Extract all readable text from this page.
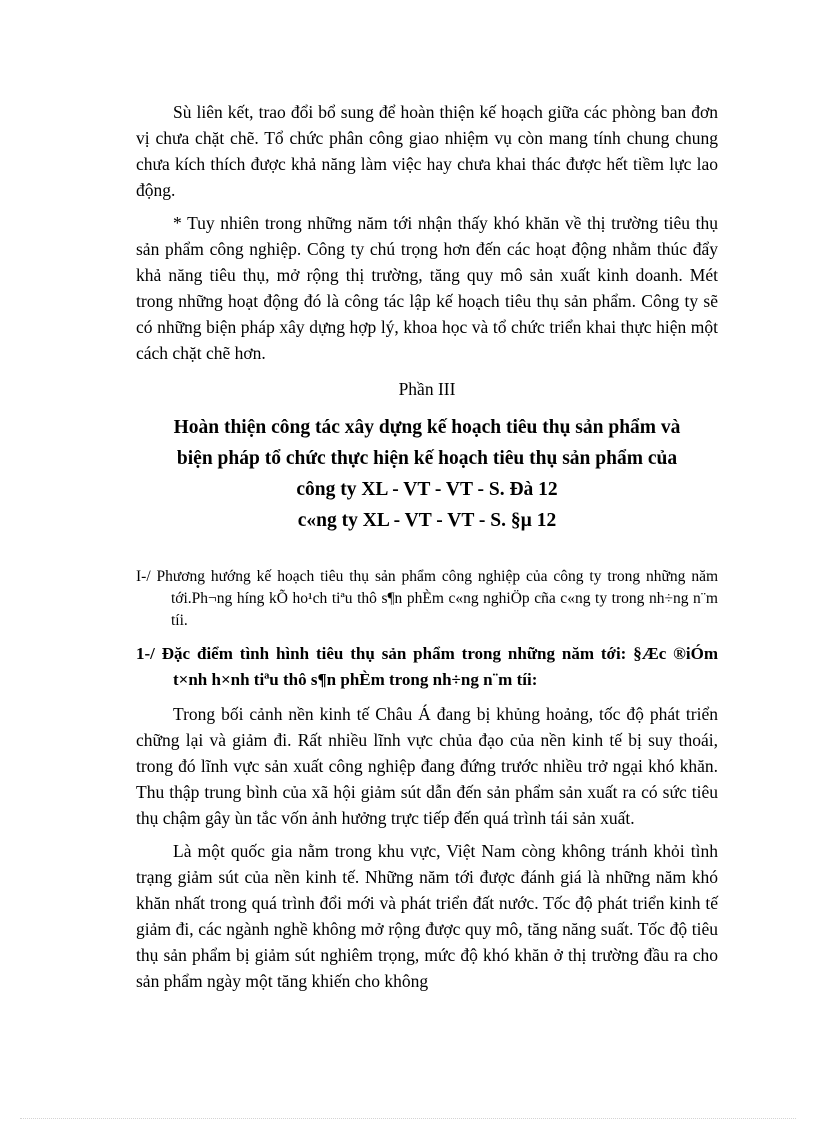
Sù liên kết, trao đổi bổ sung để hoàn thiện kế hoạch giữa các phòng ban đơn vị chưa chặt chẽ. Tổ chức phân công giao nhiệm vụ còn mang tính chung chung chưa kích thích được khả năng làm việc hay chưa khai thác được hết tiềm lực lao động.

* Tuy nhiên trong những năm tới nhận thấy khó khăn về thị trường tiêu thụ sản phẩm công nghiệp. Công ty chú trọng hơn đến các hoạt động nhằm thúc đẩy khả năng tiêu thụ, mở rộng thị trường, tăng quy mô sản xuất kinh doanh. Mét trong những hoạt động đó là công tác lập kế hoạch tiêu thụ sản phẩm. Công ty sẽ có những biện pháp xây dựng hợp lý, khoa học và tổ chức triển khai thực hiện một cách chặt chẽ hơn.

Phần III

Hoàn thiện công tác xây dựng kế hoạch tiêu thụ sản phẩm và
biện pháp tổ chức thực hiện kế hoạch tiêu thụ sản phẩm của
công ty XL - VT - VT - S. Đà 12
c«ng ty XL - VT - VT - S. §µ 12

I-/ Phương hướng kế hoạch tiêu thụ sản phẩm công nghiệp của công ty trong những năm tới.Ph¬ng híng kÕ ho¹ch tiªu thô s¶n phÈm c«ng nghiÖp cña c«ng ty trong nh÷ng n¨m tíi.

1-/ Đặc điểm tình hình tiêu thụ sản phẩm trong những năm tới: §Æc ®iÓm t×nh h×nh tiªu thô s¶n phÈm trong nh÷ng n¨m tíi:

Trong bối cảnh nền kinh tế Châu Á đang bị khủng hoảng, tốc độ phát triển chững lại và giảm đi. Rất nhiều lĩnh vực chủa đạo của nền kinh tế bị suy thoái, trong đó lĩnh vực sản xuất công nghiệp đang đứng trước nhiều trở ngại khó khăn. Thu thập trung bình của xã hội giảm sút dẫn đến sản phẩm sản xuất ra có sức tiêu thụ chậm gây ùn tắc vốn ảnh hưởng trực tiếp đến quá trình tái sản xuất.

Là một quốc gia nằm trong khu vực, Việt Nam còng không tránh khỏi tình trạng giảm sút của nền kinh tế. Những năm tới được đánh giá là những năm khó khăn nhất trong quá trình đổi mới và phát triển đất nước. Tốc độ phát triển kinh tế giảm đi, các ngành nghề không mở rộng được quy mô, tăng năng suất. Tốc độ tiêu thụ sản phẩm bị giảm sút nghiêm trọng, mức độ khó khăn ở thị trường đầu ra cho sản phẩm ngày một tăng khiến cho không
